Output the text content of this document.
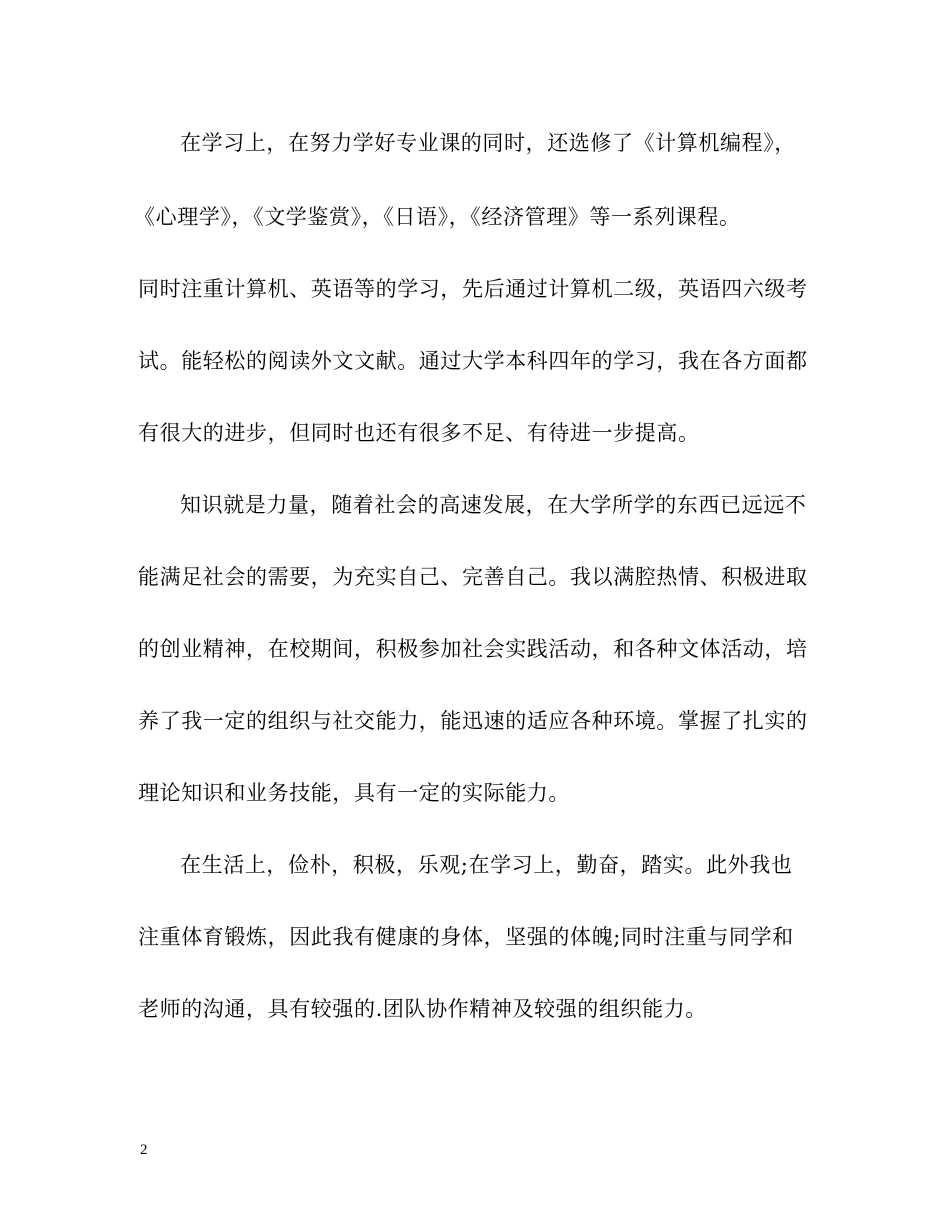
在学习上，在努力学好专业课的同时，还选修了《计算机编程》，
《心理学》，《文学鉴赏》，《日语》，《经济管理》等一系列课程。
同时注重计算机、英语等的学习，先后通过计算机二级，英语四六级考
试。能轻松的阅读外文文献。通过大学本科四年的学习，我在各方面都
有很大的进步，但同时也还有很多不足、有待进一步提高。
知识就是力量，随着社会的高速发展，在大学所学的东西已远远不
能满足社会的需要，为充实自己、完善自己。我以满腔热情、积极进取
的创业精神，在校期间，积极参加社会实践活动，和各种文体活动，培
养了我一定的组织与社交能力，能迅速的适应各种环境。掌握了扎实的
理论知识和业务技能，具有一定的实际能力。
在生活上，俭朴，积极，乐观;在学习上，勤奋，踏实。此外我也
注重体育锻炼，因此我有健康的身体，坚强的体魄;同时注重与同学和
老师的沟通，具有较强的.团队协作精神及较强的组织能力。
2
